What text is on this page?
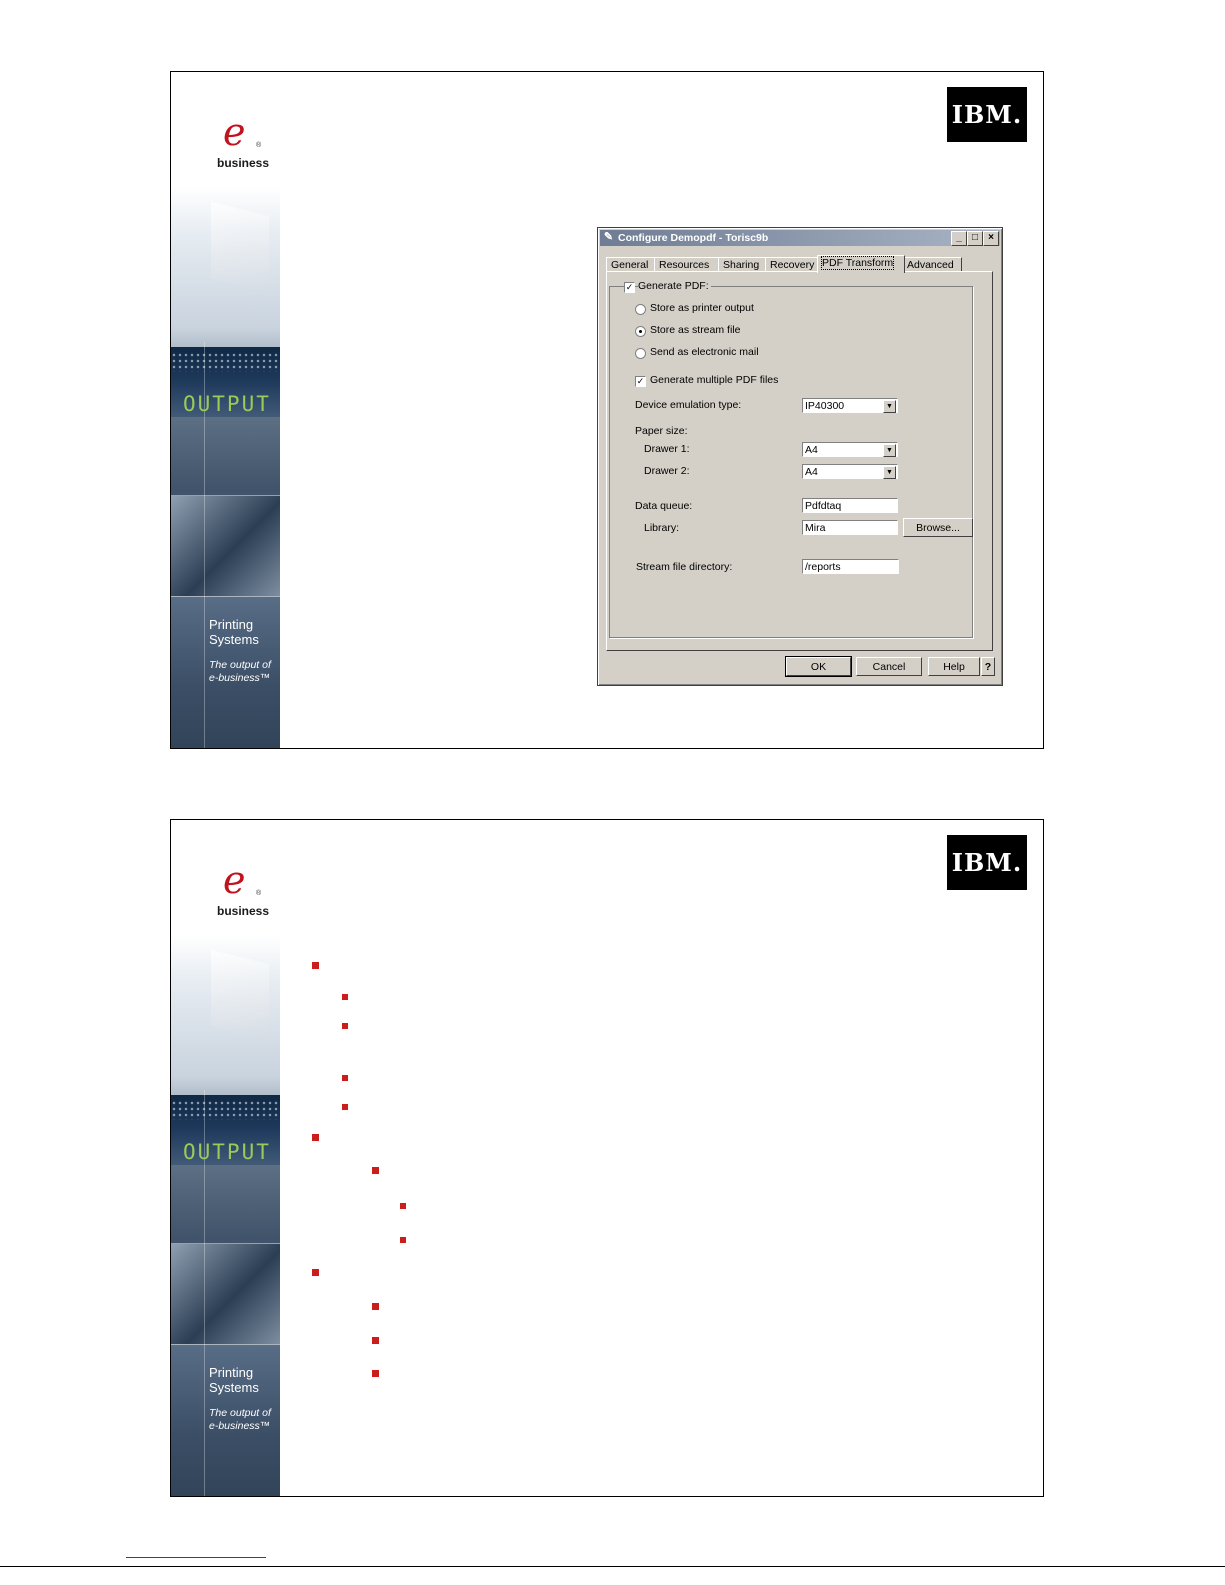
OUTPUT
e ®
business
Printing Systems
The output of e-business™
IBM.
✎ Configure Demopdf - Torisc9b	_	□	×
General	Resources	Sharing	Recovery PDF Transform	Advanced
✓ Generate PDF:
Store as printer output
Store as stream file
Send as electronic mail
✓ Generate multiple PDF files
Device emulation type:	IP40300	▼
Paper size:
Drawer 1:	A4	▼
Drawer 2:	A4	▼
Data queue:	Pdfdtaq
Library:	Mira	Browse...
Stream file directory:	/reports
OK	Cancel	Help	?
OUTPUT
e ®
business
Printing Systems
The output of e-business™
IBM.
